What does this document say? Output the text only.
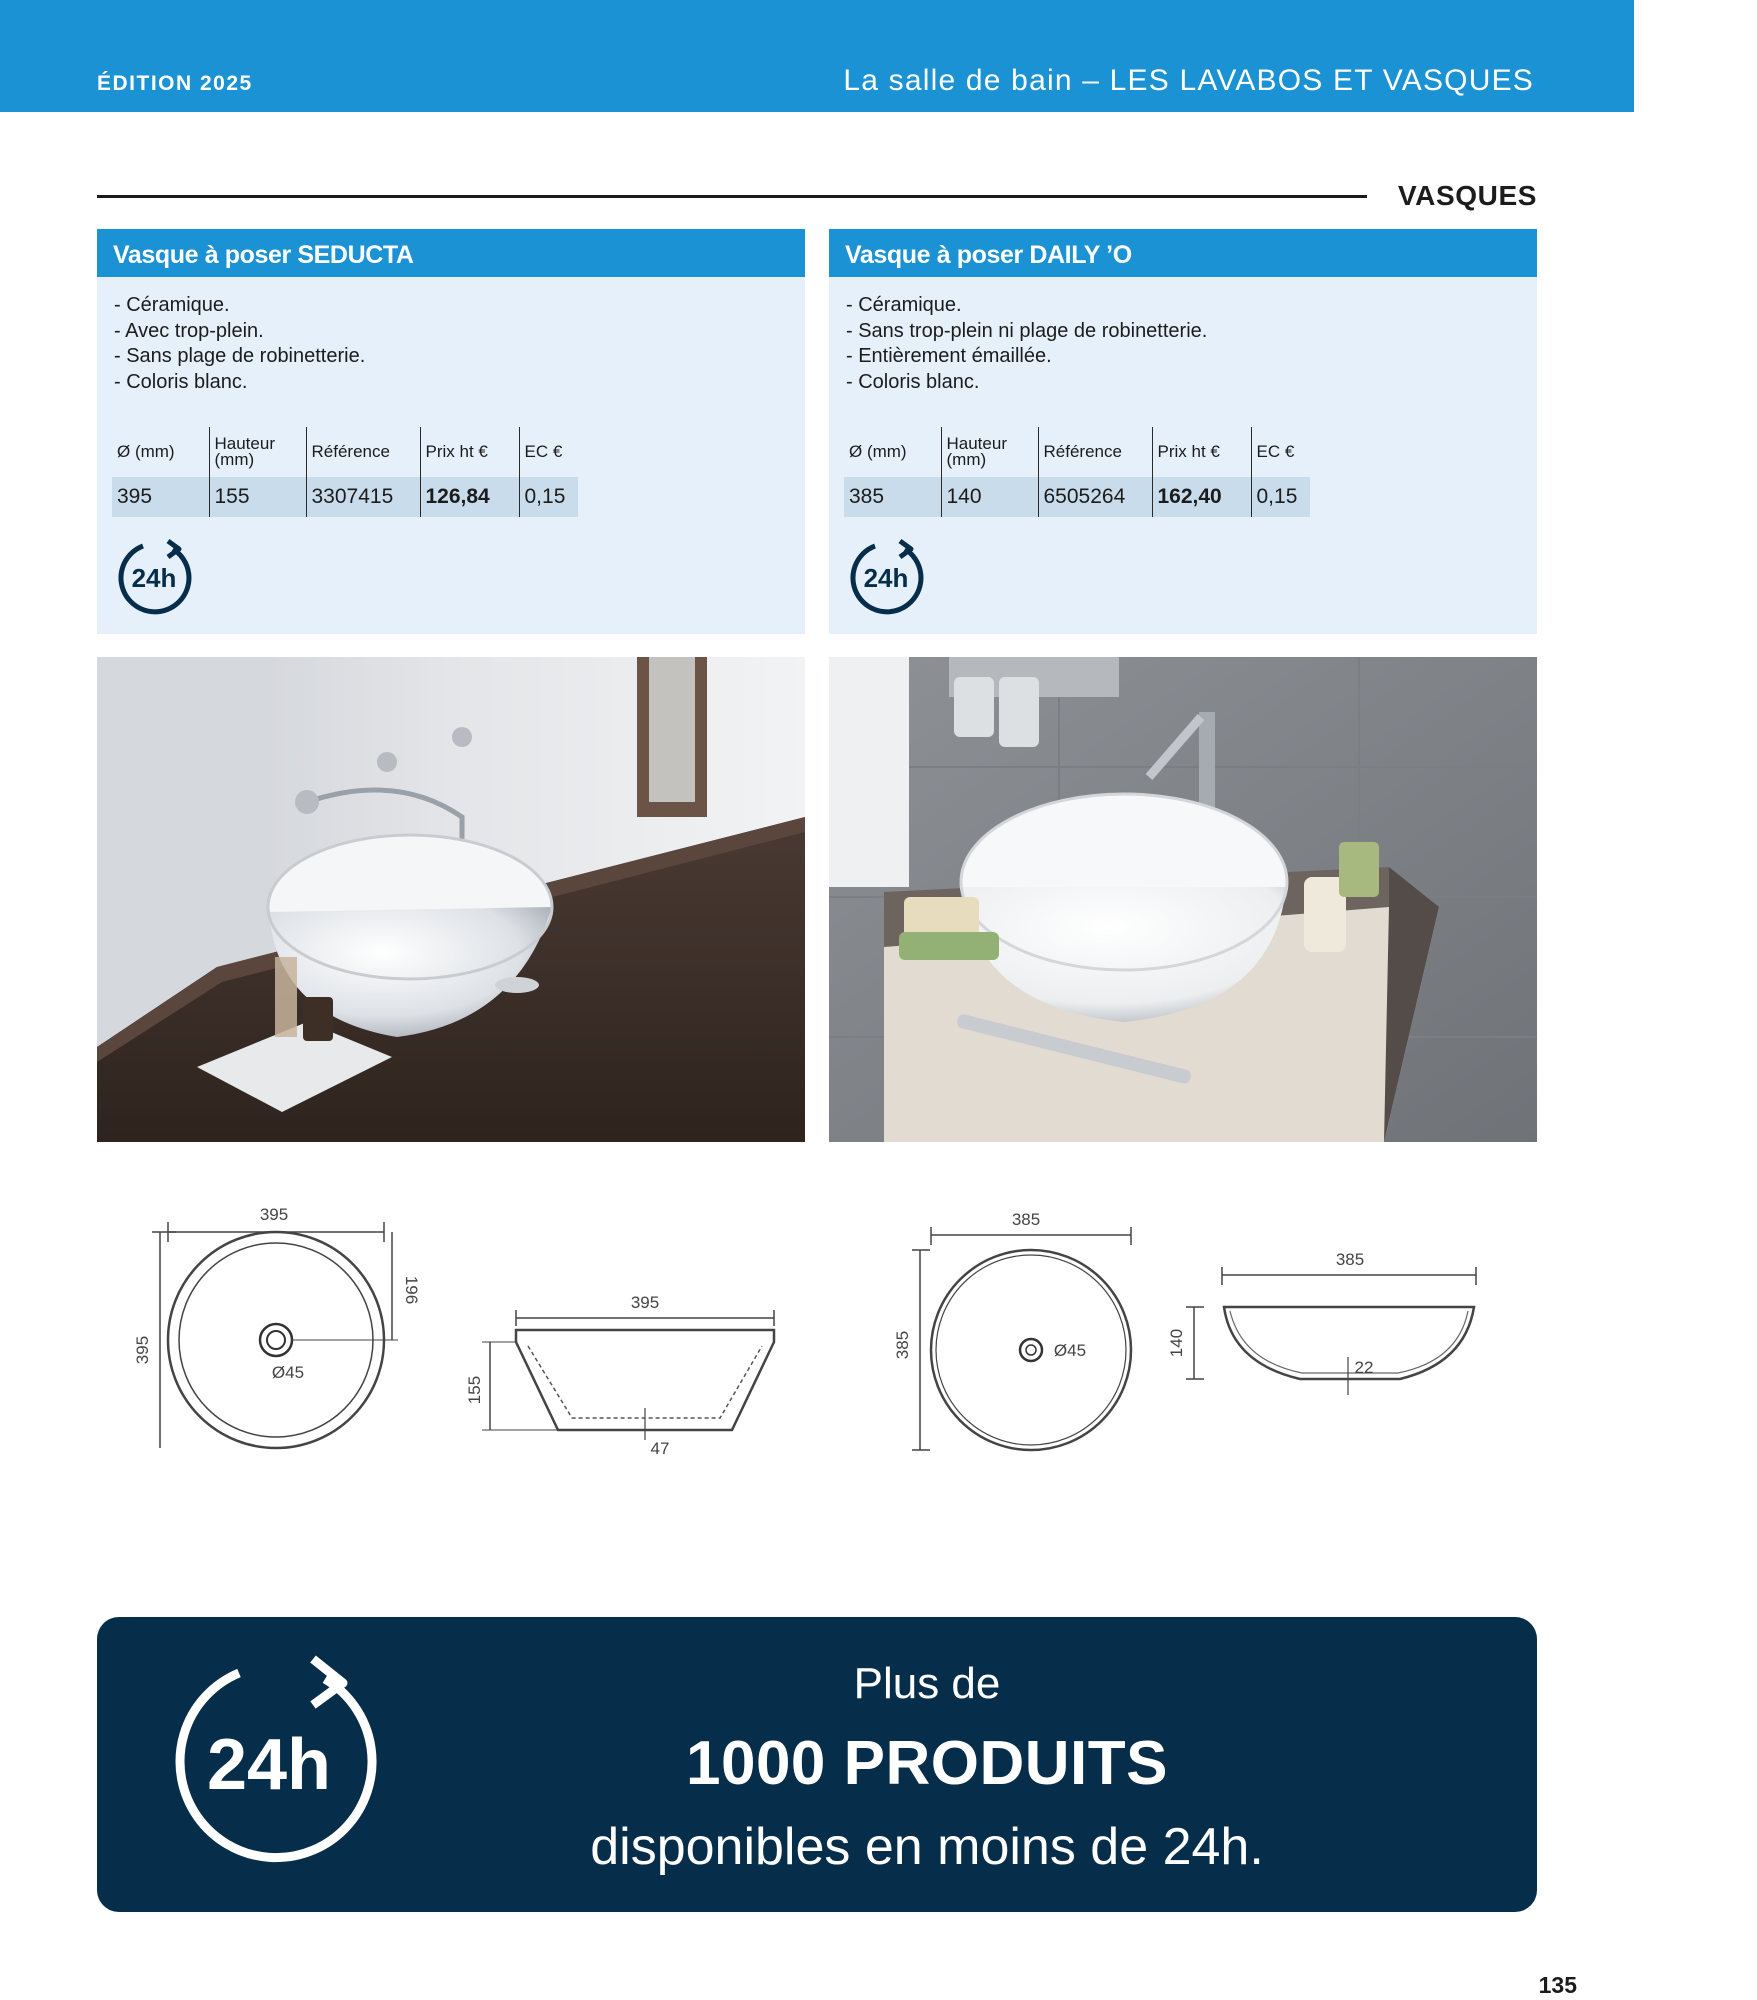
ÉDITION 2025	La salle de bain – LES LAVABOS ET VASQUES
VASQUES
Vasque à poser SEDUCTA
- Céramique.
- Avec trop-plein.
- Sans plage de robinetterie.
- Coloris blanc.
Ø (mm)	Hauteur (mm)	Référence	Prix ht €	EC €
395	155	3307415	126,84	0,15
24h
Vasque à poser DAILY ’O
- Céramique.
- Sans trop-plein ni plage de robinetterie.
- Entièrement émaillée.
- Coloris blanc.
Ø (mm)	Hauteur (mm)	Référence	Prix ht €	EC €
385	140	6505264	162,40	0,15
24h
395
395
196
Ø45
395
155
47
385
385	Ø45
385
140
22
24h
Plus de
1000 PRODUITS
disponibles en moins de 24h.
135
